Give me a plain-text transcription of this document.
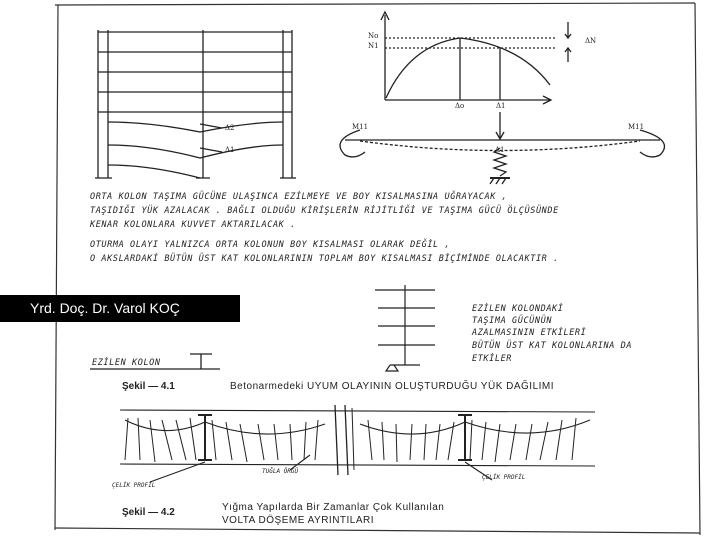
Δ2
Δ1
No
N1
ΔN
Δo	Δ1
M11	M11
Δ1
ORTA KOLON TAŞIMA GÜCÜNE ULAŞINCA EZİLMEYE VE BOY KISALMASINA UĞRAYACAK ,
TAŞIDIĞI YÜK AZALACAK . BAĞLI OLDUĞU KİRİŞLERİN RİJİTLİĞİ VE TAŞIMA GÜCÜ ÖLÇÜSÜNDE
KENAR KOLONLARA KUVVET AKTARILACAK .
OTURMA OLAYI YALNIZCA ORTA KOLONUN BOY KISALMASI OLARAK DEĞİL ,
O AKSLARDAKİ BÜTÜN ÜST KAT KOLONLARININ TOPLAM BOY KISALMASI BİÇİMİNDE OLACAKTIR .
Yrd. Doç. Dr. Varol KOÇ	EZİLEN KOLONDAKİ
TAŞIMA GÜCÜNÜN
AZALMASININ ETKİLERİ
BÜTÜN ÜST KAT KOLONLARINA DA
ETKİLER
EZİLEN KOLON
Şekil — 4.1	Betonarmedeki UYUM OLAYININ OLUŞTURDUĞU YÜK DAĞILIMI
ÇELİK PROFİL
TUĞLA ÖRGÜ
ÇELİK PROFİL
Şekil — 4.2	Yığma Yapılarda Bir Zamanlar Çok Kullanılan
VOLTA DÖŞEME AYRINTILARI
